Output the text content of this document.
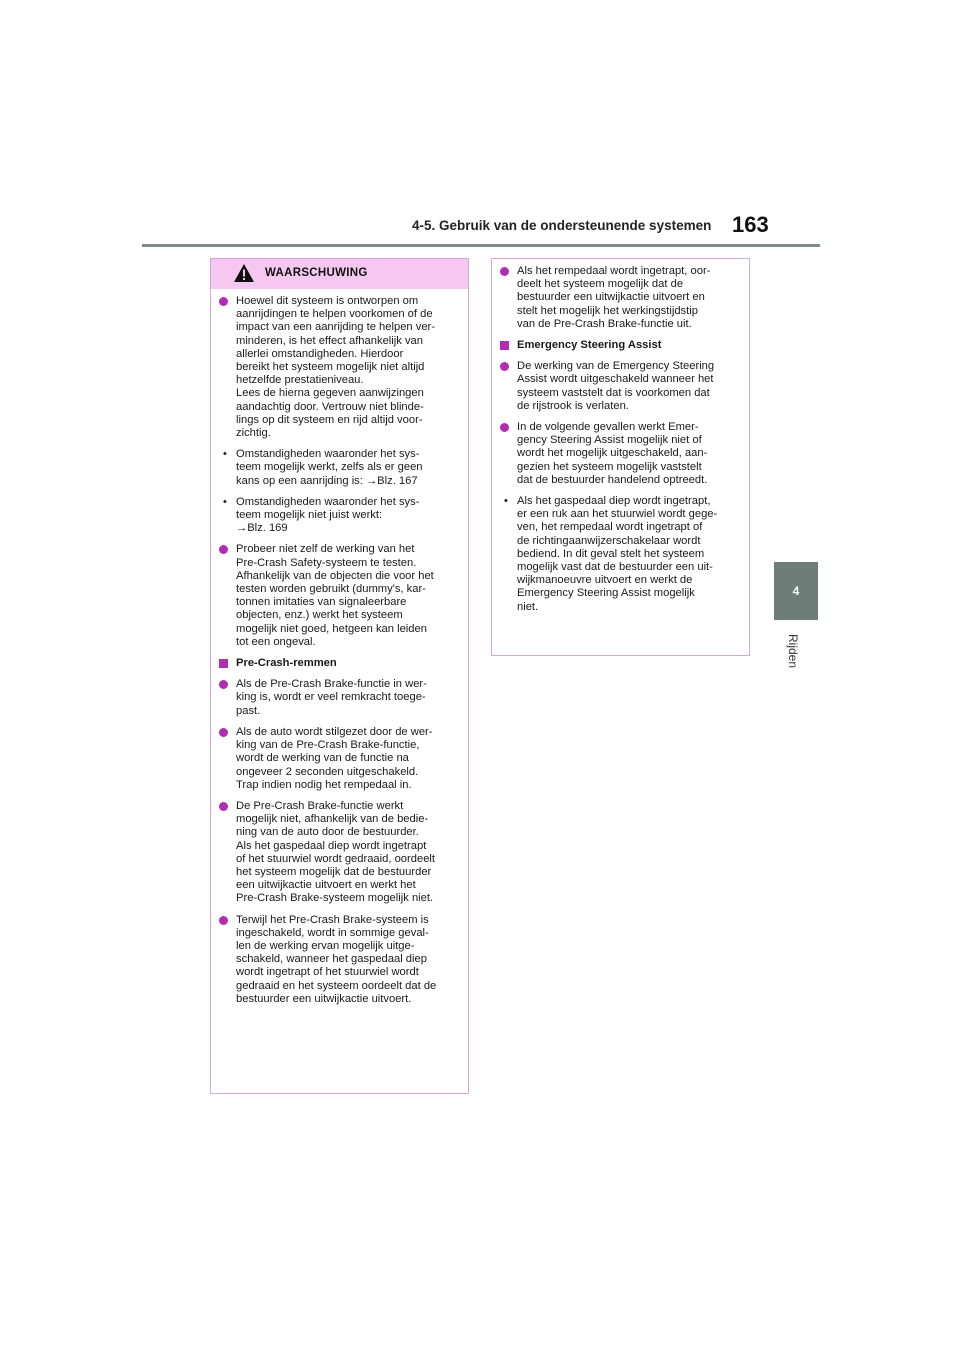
4-5. Gebruik van de ondersteunende systemen 163
4
Rijden
WAARSCHUWING
Hoewel dit systeem is ontworpen om
aanrijdingen te helpen voorkomen of de
impact van een aanrijding te helpen ver-
minderen, is het effect afhankelijk van
allerlei omstandigheden. Hierdoor
bereikt het systeem mogelijk niet altijd
hetzelfde prestatieniveau.
Lees de hierna gegeven aanwijzingen
aandachtig door. Vertrouw niet blinde-
lings op dit systeem en rijd altijd voor-
zichtig.
• Omstandigheden waaronder het sys-
teem mogelijk werkt, zelfs als er geen
kans op een aanrijding is: →Blz. 167
• Omstandigheden waaronder het sys-
teem mogelijk niet juist werkt:
→Blz. 169
Probeer niet zelf de werking van het
Pre-Crash Safety-systeem te testen.
Afhankelijk van de objecten die voor het
testen worden gebruikt (dummy's, kar-
tonnen imitaties van signaleerbare
objecten, enz.) werkt het systeem
mogelijk niet goed, hetgeen kan leiden
tot een ongeval.
Pre-Crash-remmen
Als de Pre-Crash Brake-functie in wer-
king is, wordt er veel remkracht toege-
past.
Als de auto wordt stilgezet door de wer-
king van de Pre-Crash Brake-functie,
wordt de werking van de functie na
ongeveer 2 seconden uitgeschakeld.
Trap indien nodig het rempedaal in.
De Pre-Crash Brake-functie werkt
mogelijk niet, afhankelijk van de bedie-
ning van de auto door de bestuurder.
Als het gaspedaal diep wordt ingetrapt
of het stuurwiel wordt gedraaid, oordeelt
het systeem mogelijk dat de bestuurder
een uitwijkactie uitvoert en werkt het
Pre-Crash Brake-systeem mogelijk niet.
Terwijl het Pre-Crash Brake-systeem is
ingeschakeld, wordt in sommige geval-
len de werking ervan mogelijk uitge-
schakeld, wanneer het gaspedaal diep
wordt ingetrapt of het stuurwiel wordt
gedraaid en het systeem oordeelt dat de
bestuurder een uitwijkactie uitvoert.
Als het rempedaal wordt ingetrapt, oor-
deelt het systeem mogelijk dat de
bestuurder een uitwijkactie uitvoert en
stelt het mogelijk het werkingstijdstip
van de Pre-Crash Brake-functie uit.
Emergency Steering Assist
De werking van de Emergency Steering
Assist wordt uitgeschakeld wanneer het
systeem vaststelt dat is voorkomen dat
de rijstrook is verlaten.
In de volgende gevallen werkt Emer-
gency Steering Assist mogelijk niet of
wordt het mogelijk uitgeschakeld, aan-
gezien het systeem mogelijk vaststelt
dat de bestuurder handelend optreedt.
• Als het gaspedaal diep wordt ingetrapt,
er een ruk aan het stuurwiel wordt gege-
ven, het rempedaal wordt ingetrapt of
de richtingaanwijzerschakelaar wordt
bediend. In dit geval stelt het systeem
mogelijk vast dat de bestuurder een uit-
wijkmanoeuvre uitvoert en werkt de
Emergency Steering Assist mogelijk
niet.
